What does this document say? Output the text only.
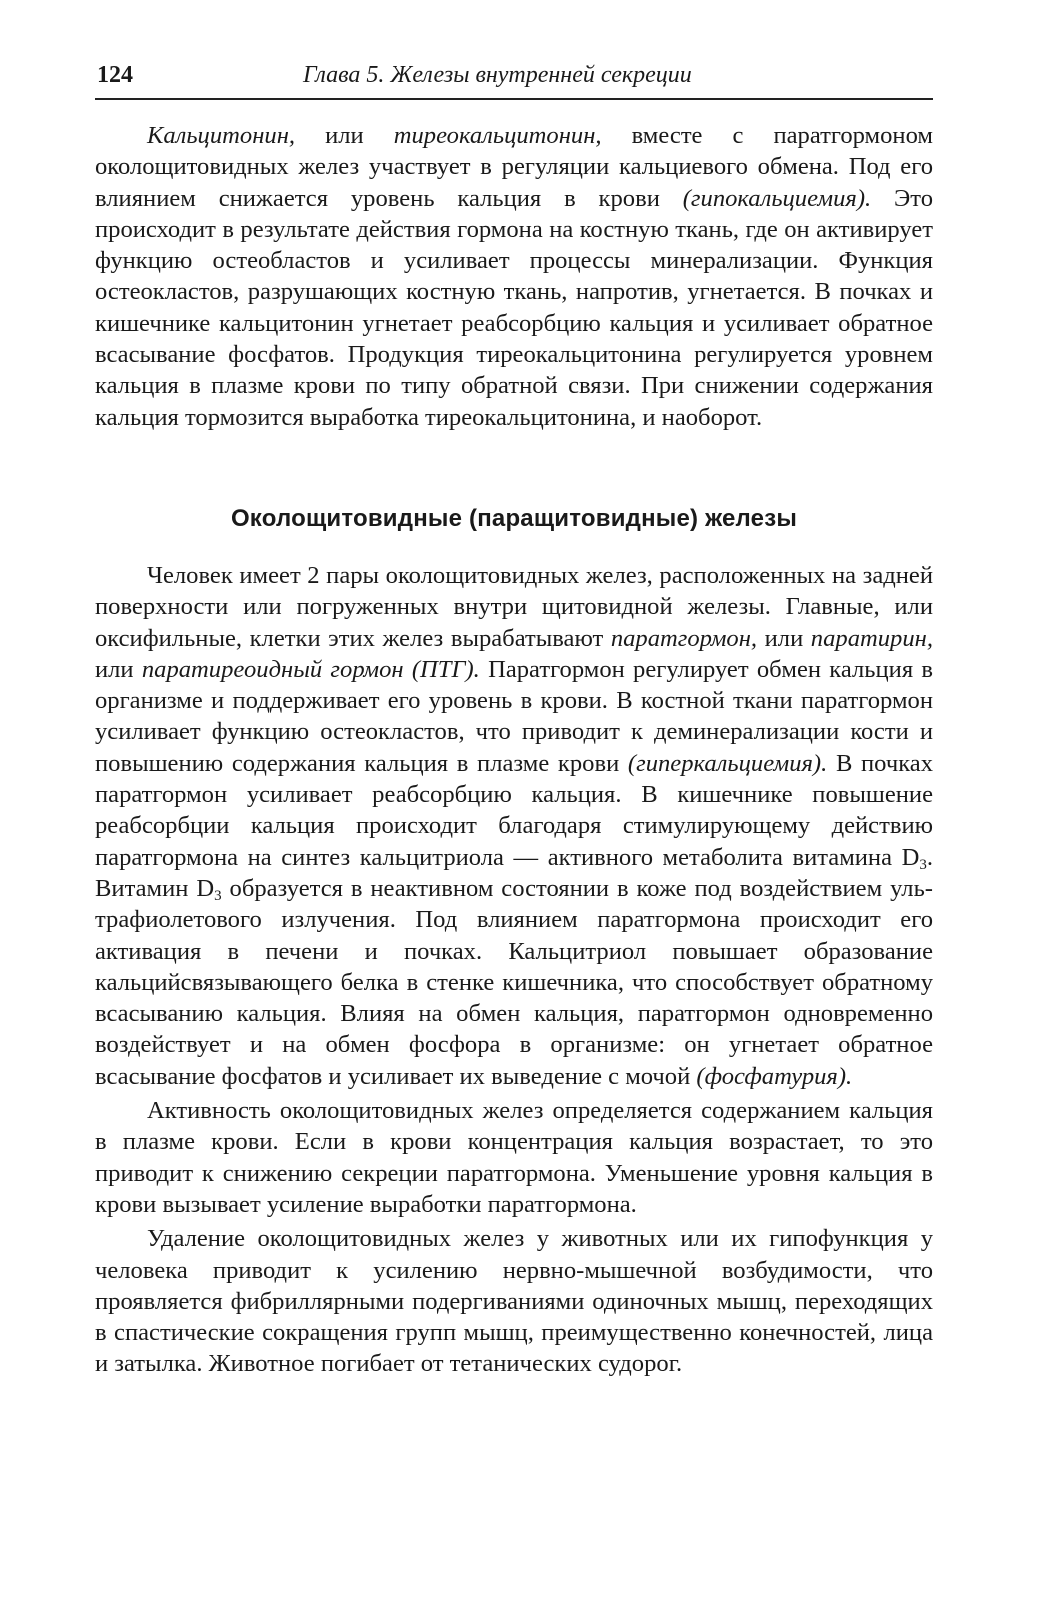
124	Глава 5. Железы внутренней секреции

Кальцитонин, или тиреокальцитонин, вместе с паратгормоном околощитовидных желез участвует в регуляции кальциевого обмена. Под его влиянием снижается уровень кальция в крови (гипокальциемия). Это происходит в результате действия гормона на костную ткань, где он активирует функцию остеобластов и усиливает процессы минерализации. Функция остеокластов, разрушающих костную ткань, напротив, угнетается. В почках и кишечнике кальцитонин угнетает реабсорбцию кальция и усиливает обратное всасывание фосфатов. Продукция тиреокальцитонина регулируется уровнем кальция в плазме крови по типу обратной связи. При снижении содержания кальция тормозится выработка тиреокальцитонина, и наоборот.

Околощитовидные (паращитовидные) железы

Человек имеет 2 пары околощитовидных желез, расположенных на задней поверхности или погруженных внутри щитовидной железы. Главные, или оксифильные, клетки этих желез вырабатывают паратгормон, или паратирин, или паратиреоидный гормон (ПТГ). Паратгормон регулирует обмен кальция в организме и поддерживает его уровень в крови. В костной ткани паратгормон усиливает функцию остеокластов, что приводит к деминерализации кости и повышению содержания кальция в плазме крови (гиперкальциемия). В почках паратгормон усиливает реабсорбцию кальция. В кишечнике повышение реабсорбции кальция происходит благодаря стимулирующему действию паратгормона на синтез кальцитриола — активного метаболита витамина $D_3$. Витамин $D_3$ образуется в неактивном состоянии в коже под воздействием ультрафиолетового излучения. Под влиянием паратгормона происходит его активация в печени и почках. Кальцитриол повышает образование кальцийсвязывающего белка в стенке кишечника, что способствует обратному всасыванию кальция. Влияя на обмен кальция, паратгормон одновременно воздействует и на обмен фосфора в организме: он угнетает обратное всасывание фосфатов и усиливает их выведение с мочой (фосфатурия).

Активность околощитовидных желез определяется содержанием кальция в плазме крови. Если в крови концентрация кальция возрастает, то это приводит к снижению секреции паратгормона. Уменьшение уровня кальция в крови вызывает усиление выработки паратгормона.

Удаление околощитовидных желез у животных или их гипофункция у человека приводит к усилению нервно-мышечной возбудимости, что проявляется фибриллярными подергиваниями одиночных мышц, переходящих в спастические сокращения групп мышц, преимущественно конечностей, лица и затылка. Животное погибает от тетанических судорог.
